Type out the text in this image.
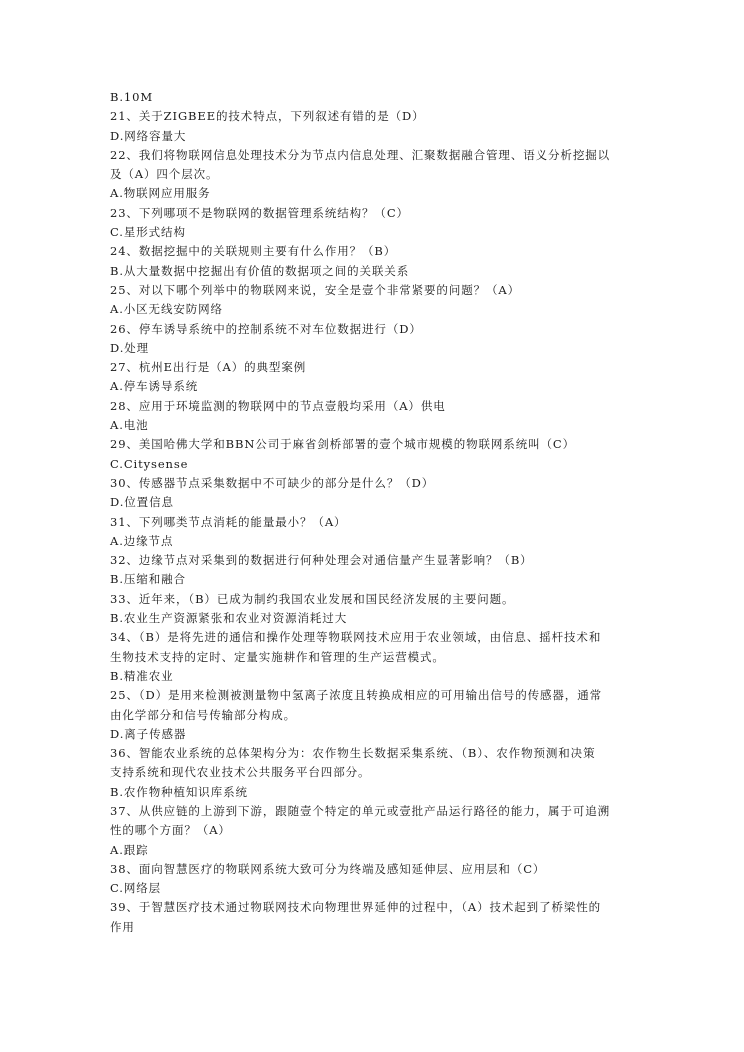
B.10M
21、关于ZIGBEE的技术特点，下列叙述有错的是（D）
D.网络容量大
22、我们将物联网信息处理技术分为节点内信息处理、汇聚数据融合管理、语义分析挖掘以
及（A）四个层次。
A.物联网应用服务
23、下列哪项不是物联网的数据管理系统结构？（C）
C.星形式结构
24、数据挖掘中的关联规则主要有什么作用？（B）
B.从大量数据中挖掘出有价值的数据项之间的关联关系
25、对以下哪个列举中的物联网来说，安全是壹个非常紧要的问题？（A）
A.小区无线安防网络
26、停车诱导系统中的控制系统不对车位数据进行（D）
D.处理
27、杭州E出行是（A）的典型案例
A.停车诱导系统
28、应用于环境监测的物联网中的节点壹般均采用（A）供电
A.电池
29、美国哈佛大学和BBN公司于麻省剑桥部署的壹个城市规模的物联网系统叫（C）
C.Citysense
30、传感器节点采集数据中不可缺少的部分是什么？（D）
D.位置信息
31、下列哪类节点消耗的能量最小？（A）
A.边缘节点
32、边缘节点对采集到的数据进行何种处理会对通信量产生显著影响？（B）
B.压缩和融合
33、近年来，（B）已成为制约我国农业发展和国民经济发展的主要问题。
B.农业生产资源紧张和农业对资源消耗过大
34、（B）是将先进的通信和操作处理等物联网技术应用于农业领域，由信息、摇杆技术和
生物技术支持的定时、定量实施耕作和管理的生产运营模式。
B.精准农业
25、（D）是用来检测被测量物中氢离子浓度且转换成相应的可用输出信号的传感器，通常
由化学部分和信号传输部分构成。
D.离子传感器
36、智能农业系统的总体架构分为：农作物生长数据采集系统、（B）、农作物预测和决策
支持系统和现代农业技术公共服务平台四部分。
B.农作物种植知识库系统
37、从供应链的上游到下游，跟随壹个特定的单元或壹批产品运行路径的能力，属于可追溯
性的哪个方面？（A）
A.跟踪
38、面向智慧医疗的物联网系统大致可分为终端及感知延伸层、应用层和（C）
C.网络层
39、于智慧医疗技术通过物联网技术向物理世界延伸的过程中，（A）技术起到了桥梁性的
作用
